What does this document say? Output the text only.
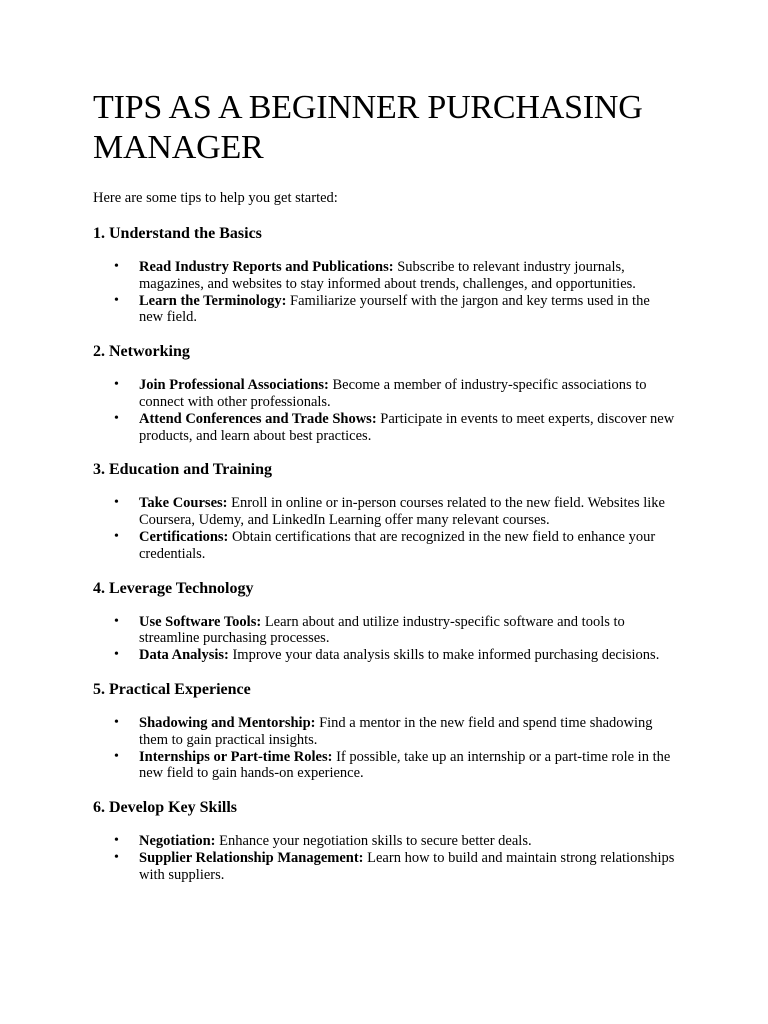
TIPS AS A BEGINNER PURCHASING MANAGER

Here are some tips to help you get started:

1. Understand the Basics
• Read Industry Reports and Publications: Subscribe to relevant industry journals, magazines, and websites to stay informed about trends, challenges, and opportunities.
• Learn the Terminology: Familiarize yourself with the jargon and key terms used in the new field.
2. Networking
• Join Professional Associations: Become a member of industry-specific associations to connect with other professionals.
• Attend Conferences and Trade Shows: Participate in events to meet experts, discover new products, and learn about best practices.
3. Education and Training
• Take Courses: Enroll in online or in-person courses related to the new field. Websites like Coursera, Udemy, and LinkedIn Learning offer many relevant courses.
• Certifications: Obtain certifications that are recognized in the new field to enhance your credentials.
4. Leverage Technology
• Use Software Tools: Learn about and utilize industry-specific software and tools to streamline purchasing processes.
• Data Analysis: Improve your data analysis skills to make informed purchasing decisions.
5. Practical Experience
• Shadowing and Mentorship: Find a mentor in the new field and spend time shadowing them to gain practical insights.
• Internships or Part-time Roles: If possible, take up an internship or a part-time role in the new field to gain hands-on experience.
6. Develop Key Skills
• Negotiation: Enhance your negotiation skills to secure better deals.
• Supplier Relationship Management: Learn how to build and maintain strong relationships with suppliers.
